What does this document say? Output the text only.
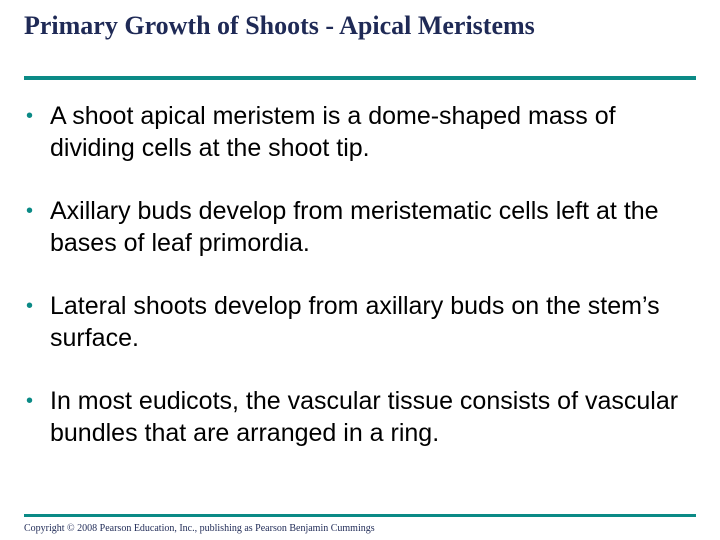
Primary Growth of Shoots - Apical Meristems
• A shoot apical meristem is a dome-shaped mass of dividing cells at the shoot tip.
• Axillary buds develop from meristematic cells left at the bases of leaf primordia.
• Lateral shoots develop from axillary buds on the stem’s surface.
• In most eudicots, the vascular tissue consists of vascular bundles that are arranged in a ring.
Copyright © 2008 Pearson Education, Inc., publishing as Pearson Benjamin Cummings
